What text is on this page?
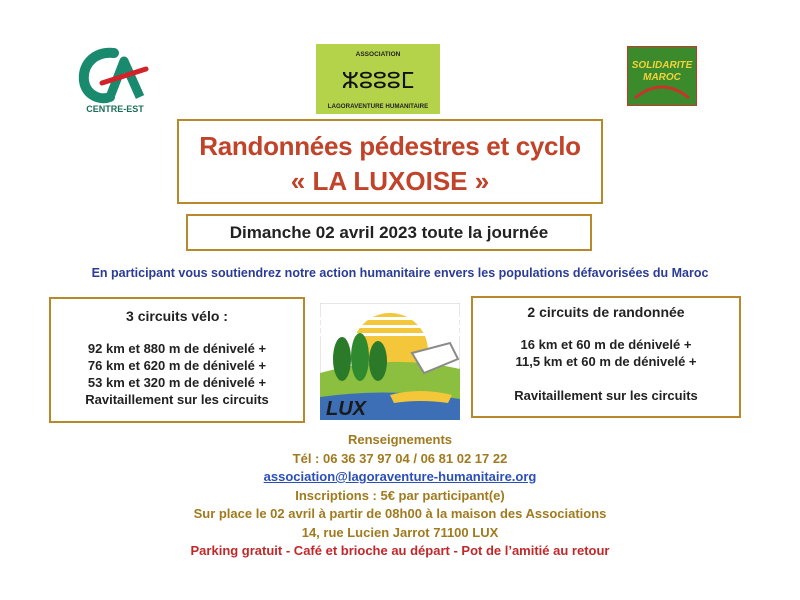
CENTRE-EST
ASSOCIATION
ⵣⵓⵓⵓⵎ
LAGORAVENTURE HUMANITAIRE
SOLIDARITE
MAROC
Randonnées pédestres et cyclo
« LA LUXOISE »
Dimanche 02 avril 2023 toute la journée
En participant vous soutiendrez notre action humanitaire envers les populations défavorisées du Maroc
3 circuits vélo :
92 km et 880 m de dénivelé +
76 km et 620 m de dénivelé +
53 km et 320 m de dénivelé +
Ravitaillement sur les circuits	LUX
2 circuits de randonnée
16 km et 60 m de dénivelé +
11,5 km et 60 m de dénivelé +
Ravitaillement sur les circuits
Renseignements
Tél : 06 36 37 97 04 / 06 81 02 17 22
association@lagoraventure-humanitaire.org
Inscriptions : 5€ par participant(e)
Sur place le 02 avril à partir de 08h00 à la maison des Associations
14, rue Lucien Jarrot 71100 LUX
Parking gratuit - Café et brioche au départ - Pot de l’amitié au retour
